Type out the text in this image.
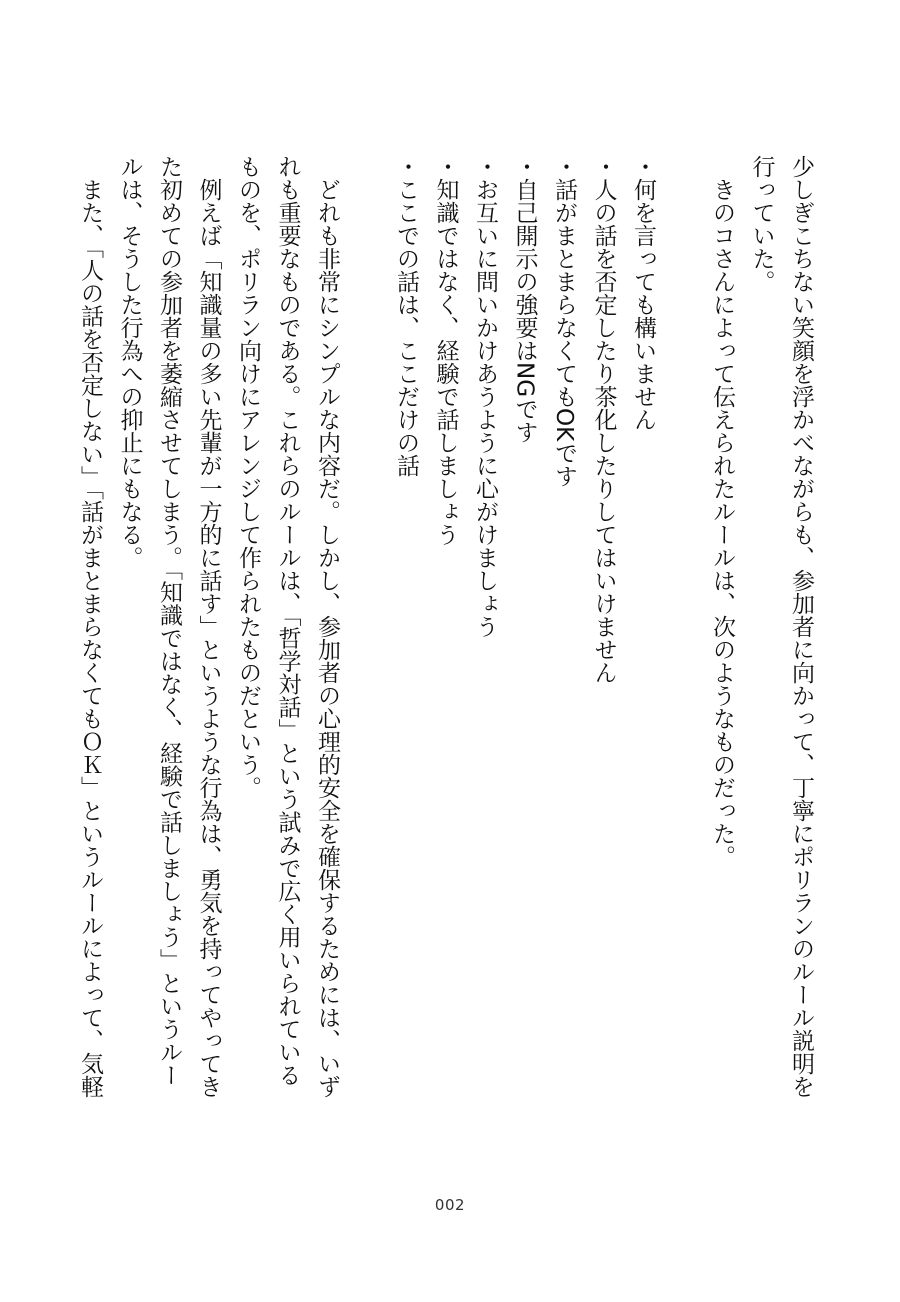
少しぎこちない笑顔を浮かべながらも、参加者に向かって、丁寧にポリランのルール説明を
行っていた。
　きのコさんによって伝えられたルールは、次のようなものだった。
・何を言っても構いません
・人の話を否定したり茶化したりしてはいけません
・話がまとまらなくてもOKです
・自己開示の強要はNGです
・お互いに問いかけあうように心がけましょう
・知識ではなく、経験で話しましょう
・ここでの話は、ここだけの話
　どれも非常にシンプルな内容だ。しかし、参加者の心理的安全を確保するためには、いず
れも重要なものである。これらのルールは、「哲学対話」という試みで広く用いられている
ものを、ポリラン向けにアレンジして作られたものだという。
　例えば「知識量の多い先輩が一方的に話す」というような行為は、勇気を持ってやってき
た初めての参加者を萎縮させてしまう。「知識ではなく、経験で話しましょう」というルー
ルは、そうした行為への抑止にもなる。
　また、「人の話を否定しない」「話がまとまらなくてもＯＫ」というルールによって、気軽
002
